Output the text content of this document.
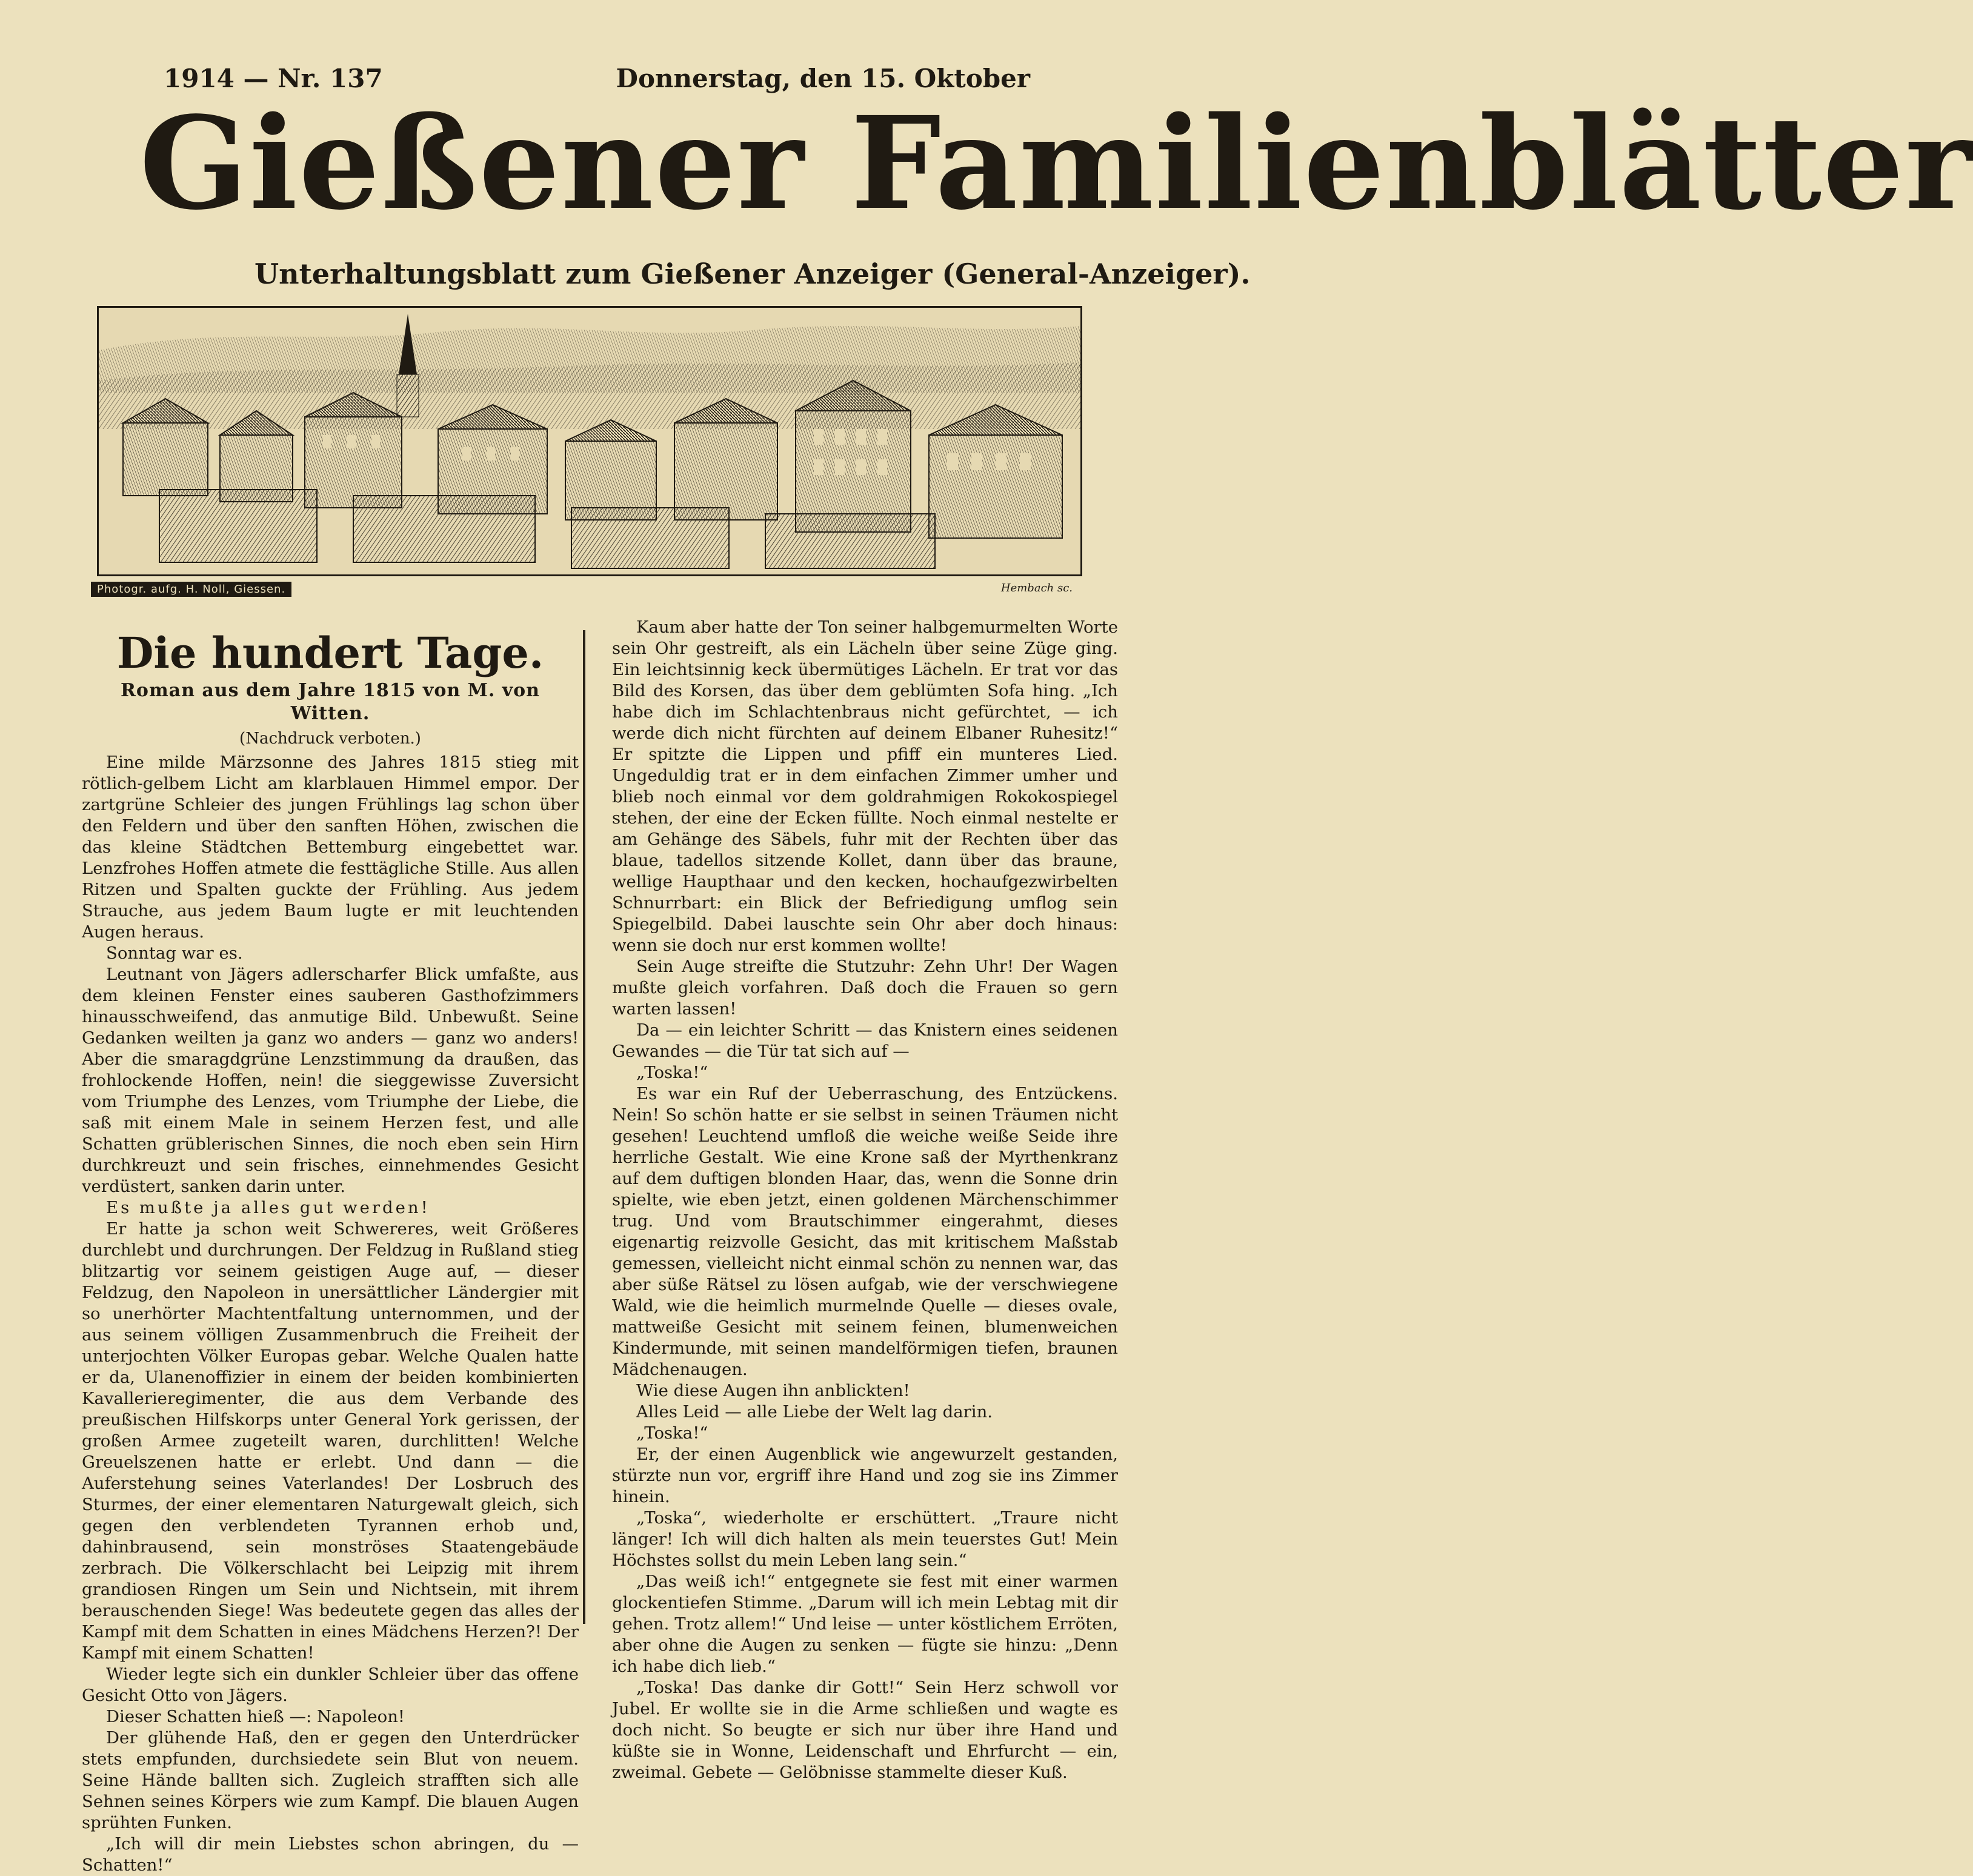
1914 — Nr. 137	Donnerstag, den 15. Oktober
Gießener Familienblätter
Unterhaltungsblatt zum Gießener Anzeiger (General-Anzeiger).
Photogr. aufg. H. Noll, Giessen.	Hembach sc.
Die hundert Tage.
Roman aus dem Jahre 1815 von M. von Witten.
(Nachdruck verboten.)

Eine milde Märzsonne des Jahres 1815 stieg mit rötlich-gelbem Licht am klarblauen Himmel empor. Der zartgrüne Schleier des jungen Frühlings lag schon über den Feldern und über den sanften Höhen, zwischen die das kleine Städtchen Bettemburg eingebettet war. Lenzfrohes Hoffen atmete die festtägliche Stille. Aus allen Ritzen und Spalten guckte der Frühling. Aus jedem Strauche, aus jedem Baum lugte er mit leuchtenden Augen heraus.

Sonntag war es.

Leutnant von Jägers adlerscharfer Blick umfaßte, aus dem kleinen Fenster eines sauberen Gasthofzimmers hinausschweifend, das anmutige Bild. Unbewußt. Seine Gedanken weilten ja ganz wo anders — ganz wo anders! Aber die smaragdgrüne Lenzstimmung da draußen, das frohlockende Hoffen, nein! die sieggewisse Zuversicht vom Triumphe des Lenzes, vom Triumphe der Liebe, die saß mit einem Male in seinem Herzen fest, und alle Schatten grüblerischen Sinnes, die noch eben sein Hirn durchkreuzt und sein frisches, einnehmendes Gesicht verdüstert, sanken darin unter.

Es mußte ja alles gut werden!

Er hatte ja schon weit Schwereres, weit Größeres durchlebt und durchrungen. Der Feldzug in Rußland stieg blitzartig vor seinem geistigen Auge auf, — dieser Feldzug, den Napoleon in unersättlicher Ländergier mit so unerhörter Machtentfaltung unternommen, und der aus seinem völligen Zusammenbruch die Freiheit der unterjochten Völker Europas gebar. Welche Qualen hatte er da, Ulanenoffizier in einem der beiden kombinierten Kavallerieregimenter, die aus dem Verbande des preußischen Hilfskorps unter General York gerissen, der großen Armee zugeteilt waren, durchlitten! Welche Greuelszenen hatte er erlebt. Und dann — die Auferstehung seines Vaterlandes! Der Losbruch des Sturmes, der einer elementaren Naturgewalt gleich, sich gegen den verblendeten Tyrannen erhob und, dahinbrausend, sein monströses Staatengebäude zerbrach. Die Völkerschlacht bei Leipzig mit ihrem grandiosen Ringen um Sein und Nichtsein, mit ihrem berauschenden Siege! Was bedeutete gegen das alles der Kampf mit dem Schatten in eines Mädchens Herzen?! Der Kampf mit einem Schatten!

Wieder legte sich ein dunkler Schleier über das offene Gesicht Otto von Jägers.

Dieser Schatten hieß —: Napoleon!

Der glühende Haß, den er gegen den Unterdrücker stets empfunden, durchsiedete sein Blut von neuem. Seine Hände ballten sich. Zugleich strafften sich alle Sehnen seines Körpers wie zum Kampf. Die blauen Augen sprühten Funken.

„Ich will dir mein Liebstes schon abringen, du — Schatten!“

Kaum aber hatte der Ton seiner halbgemurmelten Worte sein Ohr gestreift, als ein Lächeln über seine Züge ging. Ein leichtsinnig keck übermütiges Lächeln. Er trat vor das Bild des Korsen, das über dem geblümten Sofa hing. „Ich habe dich im Schlachtenbraus nicht gefürchtet, — ich werde dich nicht fürchten auf deinem Elbaner Ruhesitz!“ Er spitzte die Lippen und pfiff ein munteres Lied. Ungeduldig trat er in dem einfachen Zimmer umher und blieb noch einmal vor dem goldrahmigen Rokokospiegel stehen, der eine der Ecken füllte. Noch einmal nestelte er am Gehänge des Säbels, fuhr mit der Rechten über das blaue, tadellos sitzende Kollet, dann über das braune, wellige Haupthaar und den kecken, hochaufgezwirbelten Schnurrbart: ein Blick der Befriedigung umflog sein Spiegelbild. Dabei lauschte sein Ohr aber doch hinaus: wenn sie doch nur erst kommen wollte!

Sein Auge streifte die Stutzuhr: Zehn Uhr! Der Wagen mußte gleich vorfahren. Daß doch die Frauen so gern warten lassen!

Da — ein leichter Schritt — das Knistern eines seidenen Gewandes — die Tür tat sich auf —

„Toska!“

Es war ein Ruf der Ueberraschung, des Entzückens. Nein! So schön hatte er sie selbst in seinen Träumen nicht gesehen! Leuchtend umfloß die weiche weiße Seide ihre herrliche Gestalt. Wie eine Krone saß der Myrthenkranz auf dem duftigen blonden Haar, das, wenn die Sonne drin spielte, wie eben jetzt, einen goldenen Märchenschimmer trug. Und vom Brautschimmer eingerahmt, dieses eigenartig reizvolle Gesicht, das mit kritischem Maßstab gemessen, vielleicht nicht einmal schön zu nennen war, das aber süße Rätsel zu lösen aufgab, wie der verschwiegene Wald, wie die heimlich murmelnde Quelle — dieses ovale, mattweiße Gesicht mit seinem feinen, blumenweichen Kindermunde, mit seinen mandelförmigen tiefen, braunen Mädchenaugen.

Wie diese Augen ihn anblickten!

Alles Leid — alle Liebe der Welt lag darin.

„Toska!“

Er, der einen Augenblick wie angewurzelt gestanden, stürzte nun vor, ergriff ihre Hand und zog sie ins Zimmer hinein.

„Toska“, wiederholte er erschüttert. „Traure nicht länger! Ich will dich halten als mein teuerstes Gut! Mein Höchstes sollst du mein Leben lang sein.“

„Das weiß ich!“ entgegnete sie fest mit einer warmen glockentiefen Stimme. „Darum will ich mein Lebtag mit dir gehen. Trotz allem!“ Und leise — unter köstlichem Erröten, aber ohne die Augen zu senken — fügte sie hinzu: „Denn ich habe dich lieb.“

„Toska! Das danke dir Gott!“ Sein Herz schwoll vor Jubel. Er wollte sie in die Arme schließen und wagte es doch nicht. So beugte er sich nur über ihre Hand und küßte sie in Wonne, Leidenschaft und Ehrfurcht — ein, zweimal. Gebete — Gelöbnisse stammelte dieser Kuß.
